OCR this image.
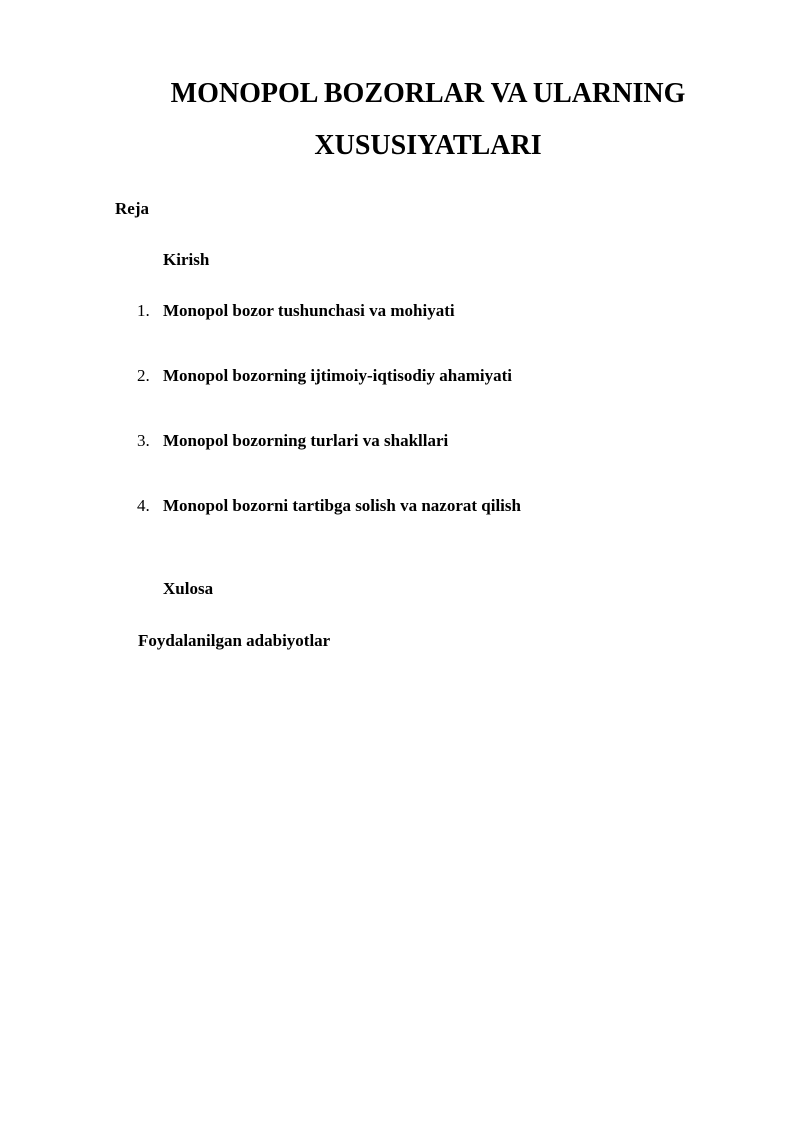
MONOPOL BOZORLAR VA ULARNING
XUSUSIYATLARI
Reja
Kirish
1. Monopol bozor tushunchasi va mohiyati
2. Monopol bozorning ijtimoiy-iqtisodiy ahamiyati
3. Monopol bozorning turlari va shakllari
4. Monopol bozorni tartibga solish va nazorat qilish
Xulosa
Foydalanilgan adabiyotlar
